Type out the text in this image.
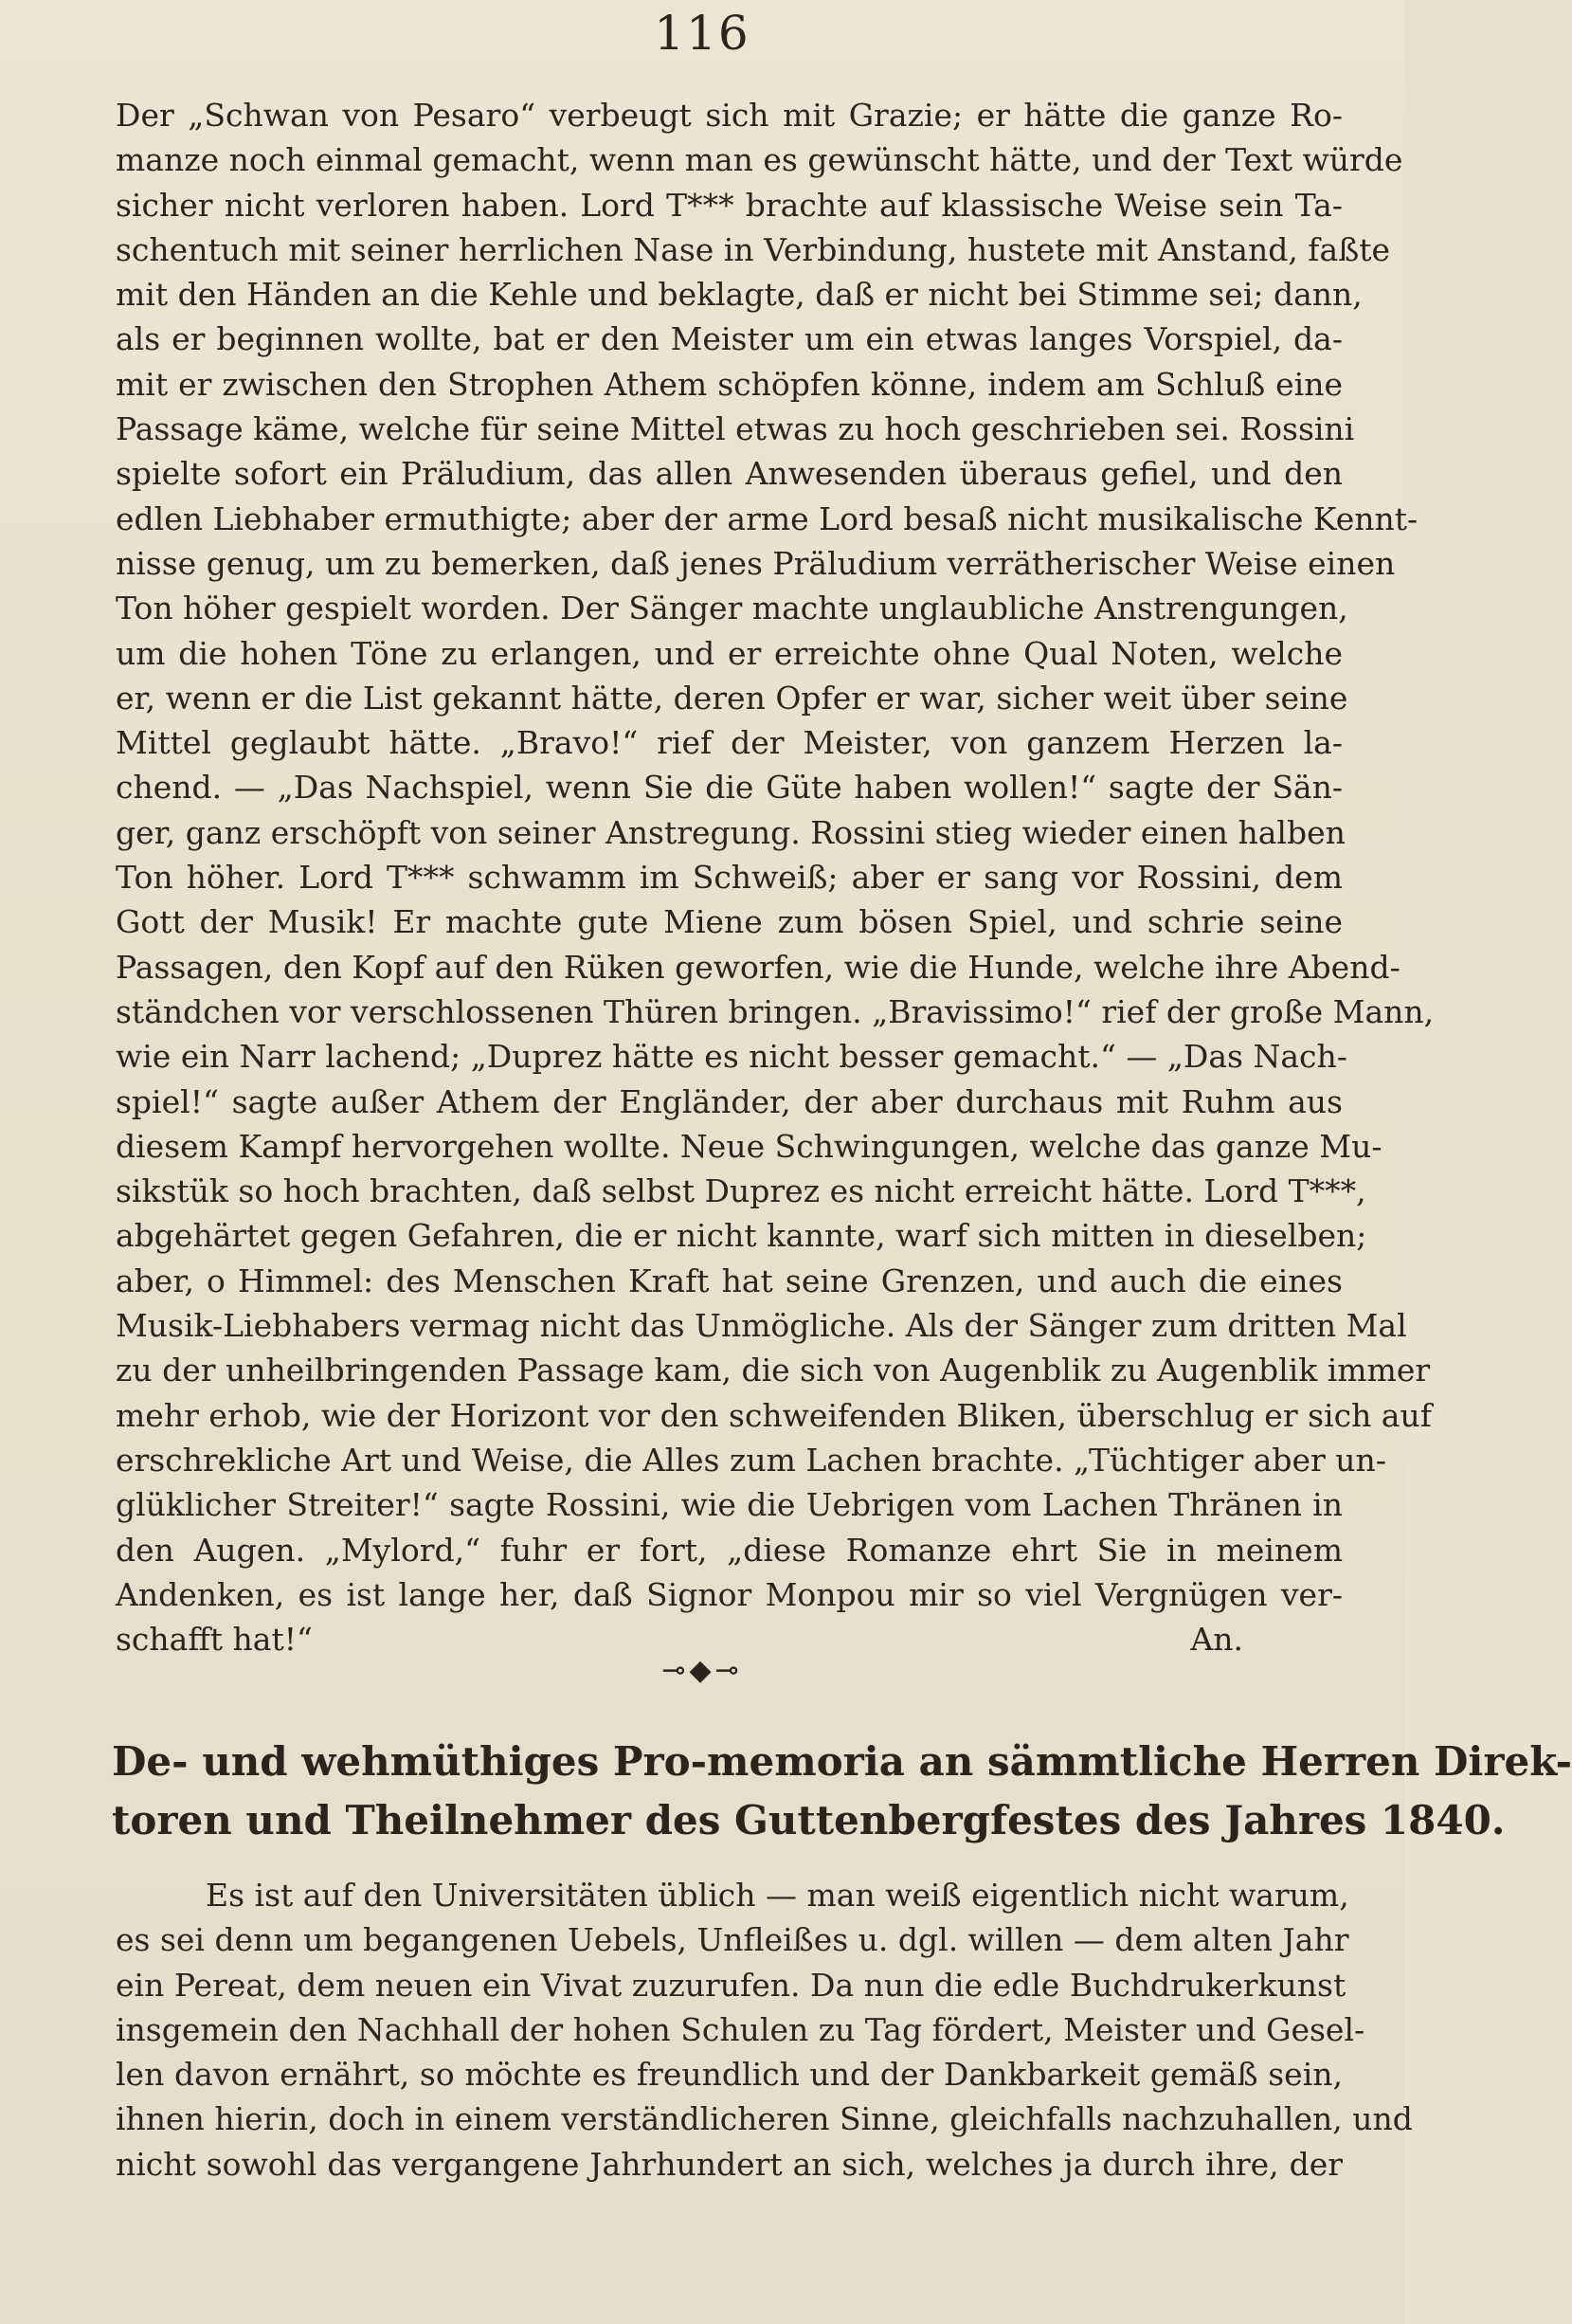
116
Der „Schwan von Pesaro“ verbeugt sich mit Grazie; er hätte die ganze Ro-
manze noch einmal gemacht, wenn man es gewünscht hätte, und der Text würde
sicher nicht verloren haben. Lord T*** brachte auf klassische Weise sein Ta-
schentuch mit seiner herrlichen Nase in Verbindung, hustete mit Anstand, faßte
mit den Händen an die Kehle und beklagte, daß er nicht bei Stimme sei; dann,
als er beginnen wollte, bat er den Meister um ein etwas langes Vorspiel, da-
mit er zwischen den Strophen Athem schöpfen könne, indem am Schluß eine
Passage käme, welche für seine Mittel etwas zu hoch geschrieben sei. Rossini
spielte sofort ein Präludium, das allen Anwesenden überaus gefiel, und den
edlen Liebhaber ermuthigte; aber der arme Lord besaß nicht musikalische Kennt-
nisse genug, um zu bemerken, daß jenes Präludium verrätherischer Weise einen
Ton höher gespielt worden. Der Sänger machte unglaubliche Anstrengungen,
um die hohen Töne zu erlangen, und er erreichte ohne Qual Noten, welche
er, wenn er die List gekannt hätte, deren Opfer er war, sicher weit über seine
Mittel geglaubt hätte. „Bravo!“ rief der Meister, von ganzem Herzen la-
chend. — „Das Nachspiel, wenn Sie die Güte haben wollen!“ sagte der Sän-
ger, ganz erschöpft von seiner Anstregung. Rossini stieg wieder einen halben
Ton höher. Lord T*** schwamm im Schweiß; aber er sang vor Rossini, dem
Gott der Musik! Er machte gute Miene zum bösen Spiel, und schrie seine
Passagen, den Kopf auf den Rüken geworfen, wie die Hunde, welche ihre Abend-
ständchen vor verschlossenen Thüren bringen. „Bravissimo!“ rief der große Mann,
wie ein Narr lachend; „Duprez hätte es nicht besser gemacht.“ — „Das Nach-
spiel!“ sagte außer Athem der Engländer, der aber durchaus mit Ruhm aus
diesem Kampf hervorgehen wollte. Neue Schwingungen, welche das ganze Mu-
sikstük so hoch brachten, daß selbst Duprez es nicht erreicht hätte. Lord T***,
abgehärtet gegen Gefahren, die er nicht kannte, warf sich mitten in dieselben;
aber, o Himmel: des Menschen Kraft hat seine Grenzen, und auch die eines
Musik-Liebhabers vermag nicht das Unmögliche. Als der Sänger zum dritten Mal
zu der unheilbringenden Passage kam, die sich von Augenblik zu Augenblik immer
mehr erhob, wie der Horizont vor den schweifenden Bliken, überschlug er sich auf
erschrekliche Art und Weise, die Alles zum Lachen brachte. „Tüchtiger aber un-
glüklicher Streiter!“ sagte Rossini, wie die Uebrigen vom Lachen Thränen in
den Augen. „Mylord,“ fuhr er fort, „diese Romanze ehrt Sie in meinem
Andenken, es ist lange her, daß Signor Monpou mir so viel Vergnügen ver-
schafft hat!“	An.
⊸◆⊸
De- und wehmüthiges Pro-memoria an sämmtliche Herren Direk-
toren und Theilnehmer des Guttenbergfestes des Jahres 1840.
Es ist auf den Universitäten üblich — man weiß eigentlich nicht warum,
es sei denn um begangenen Uebels, Unfleißes u. dgl. willen — dem alten Jahr
ein Pereat, dem neuen ein Vivat zuzurufen. Da nun die edle Buchdrukerkunst
insgemein den Nachhall der hohen Schulen zu Tag fördert, Meister und Gesel-
len davon ernährt, so möchte es freundlich und der Dankbarkeit gemäß sein,
ihnen hierin, doch in einem verständlicheren Sinne, gleichfalls nachzuhallen, und
nicht sowohl das vergangene Jahrhundert an sich, welches ja durch ihre, der
